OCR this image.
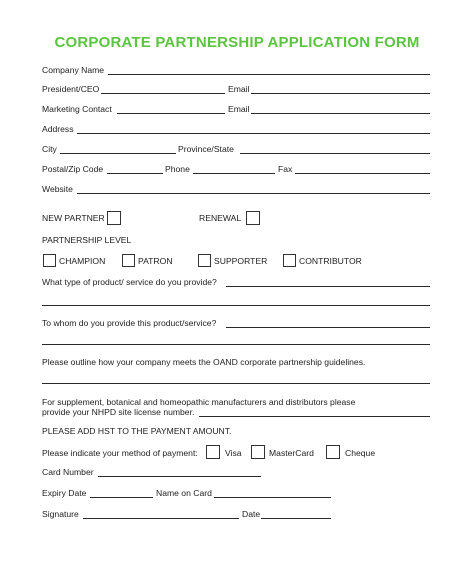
CORPORATE PARTNERSHIP APPLICATION FORM
Company Name
President/CEO	Email
Marketing Contact	Email
Address
City	Province/State
Postal/Zip Code	Phone	Fax
Website
NEW PARTNER	RENEWAL
PARTNERSHIP LEVEL
CHAMPION	PATRON	SUPPORTER	CONTRIBUTOR
What type of product/ service do you provide?
To whom do you provide this product/service?
Please outline how your company meets the OAND corporate partnership guidelines.
For supplement, botanical and homeopathic manufacturers and distributors please
provide your NHPD site license number.
PLEASE ADD HST TO THE PAYMENT AMOUNT.
Please indicate your method of payment:	Visa	MasterCard	Cheque
Card Number
Expiry Date	Name on Card
Signature	Date
